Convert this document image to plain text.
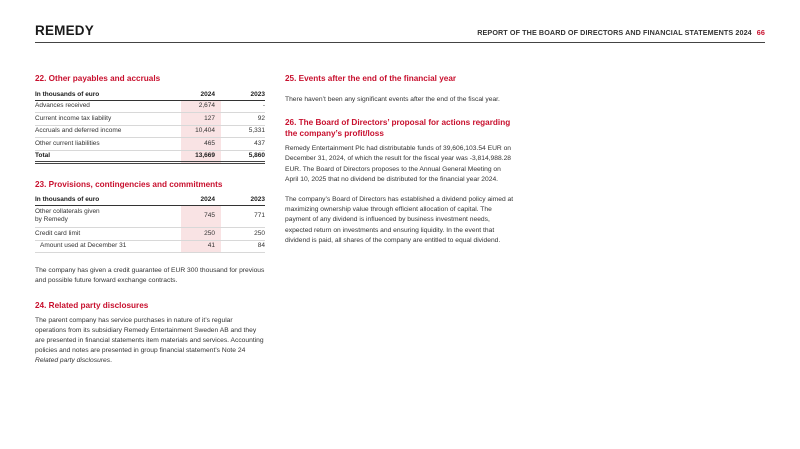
REMEDY	REPORT OF THE BOARD OF DIRECTORS AND FINANCIAL STATEMENTS 2024 66
22. Other payables and accruals
In thousands of euro	2024	2023
Advances received	2,674	-
Current income tax liability	127	92
Accruals and deferred income	10,404	5,331
Other current liabilities	465	437
Total	13,669	5,860
23. Provisions, contingencies and commitments
In thousands of euro	2024	2023
Other collaterals given by Remedy	745	771
Credit card limit	250	250
Amount used at December 31	41	84

The company has given a credit guarantee of EUR 300 thousand for previous and possible future forward exchange contracts.

24. Related party disclosures

The parent company has service purchases in nature of it’s regular operations from its subsidiary Remedy Entertainment Sweden AB and they are presented in financial statements item materials and services. Accounting policies and notes are presented in group financial statement’s Note 24 Related party disclosures.

25. Events after the end of the financial year

There haven’t been any significant events after the end of the fiscal year.

26. The Board of Directors’ proposal for actions regarding the company’s profit/loss

Remedy Entertainment Plc had distributable funds of 39,606,103.54 EUR on December 31, 2024, of which the result for the fiscal year was -3,814,988.28 EUR. The Board of Directors proposes to the Annual General Meeting on April 10, 2025 that no dividend be distributed for the financial year 2024.

The company’s Board of Directors has established a dividend policy aimed at maximizing ownership value through efficient allocation of capital. The payment of any dividend is influenced by business investment needs, expected return on investments and ensuring liquidity. In the event that dividend is paid, all shares of the company are entitled to equal dividend.
